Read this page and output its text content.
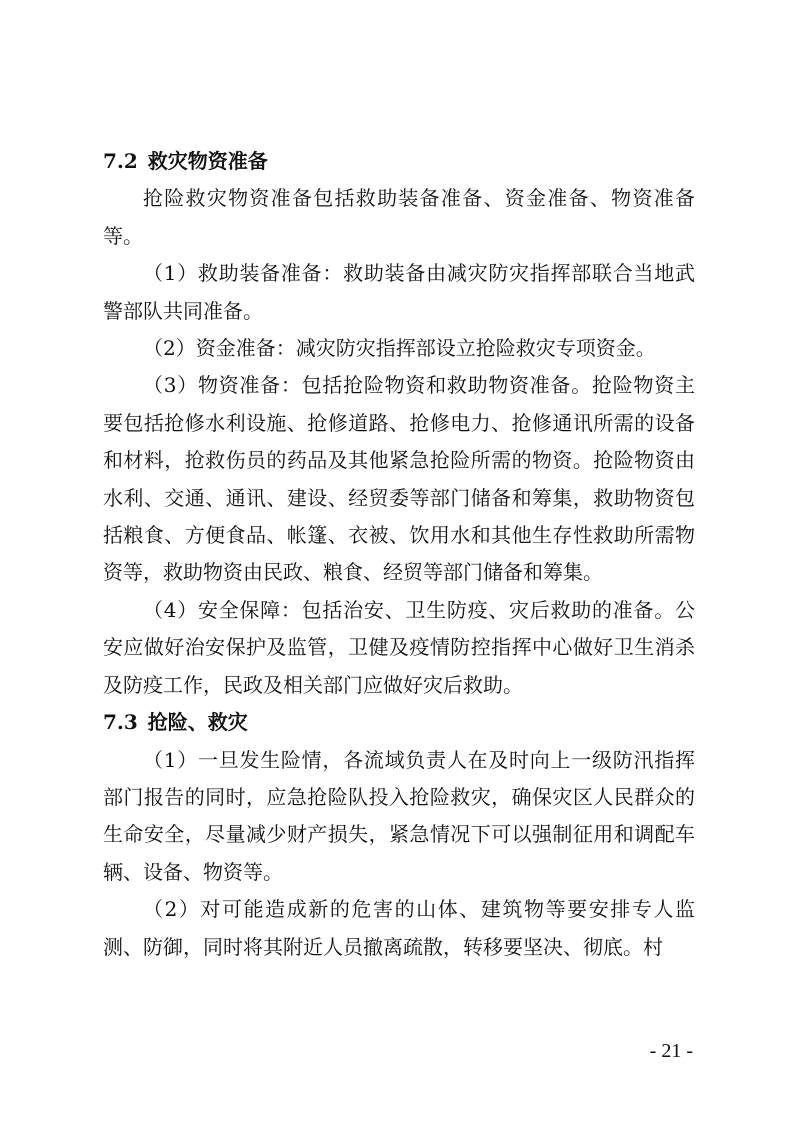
7.2 救灾物资准备

抢险救灾物资准备包括救助装备准备、资金准备、物资准备等。

（1）救助装备准备：救助装备由减灾防灾指挥部联合当地武警部队共同准备。

（2）资金准备：减灾防灾指挥部设立抢险救灾专项资金。

（3）物资准备：包括抢险物资和救助物资准备。抢险物资主要包括抢修水利设施、抢修道路、抢修电力、抢修通讯所需的设备和材料，抢救伤员的药品及其他紧急抢险所需的物资。抢险物资由水利、交通、通讯、建设、经贸委等部门储备和筹集，救助物资包括粮食、方便食品、帐篷、衣被、饮用水和其他生存性救助所需物资等，救助物资由民政、粮食、经贸等部门储备和筹集。

（4）安全保障：包括治安、卫生防疫、灾后救助的准备。公安应做好治安保护及监管，卫健及疫情防控指挥中心做好卫生消杀及防疫工作，民政及相关部门应做好灾后救助。

7.3 抢险、救灾

（1）一旦发生险情，各流域负责人在及时向上一级防汛指挥部门报告的同时，应急抢险队投入抢险救灾，确保灾区人民群众的生命安全，尽量减少财产损失，紧急情况下可以强制征用和调配车辆、设备、物资等。

（2）对可能造成新的危害的山体、建筑物等要安排专人监测、防御，同时将其附近人员撤离疏散，转移要坚决、彻底。村

- 21 -
